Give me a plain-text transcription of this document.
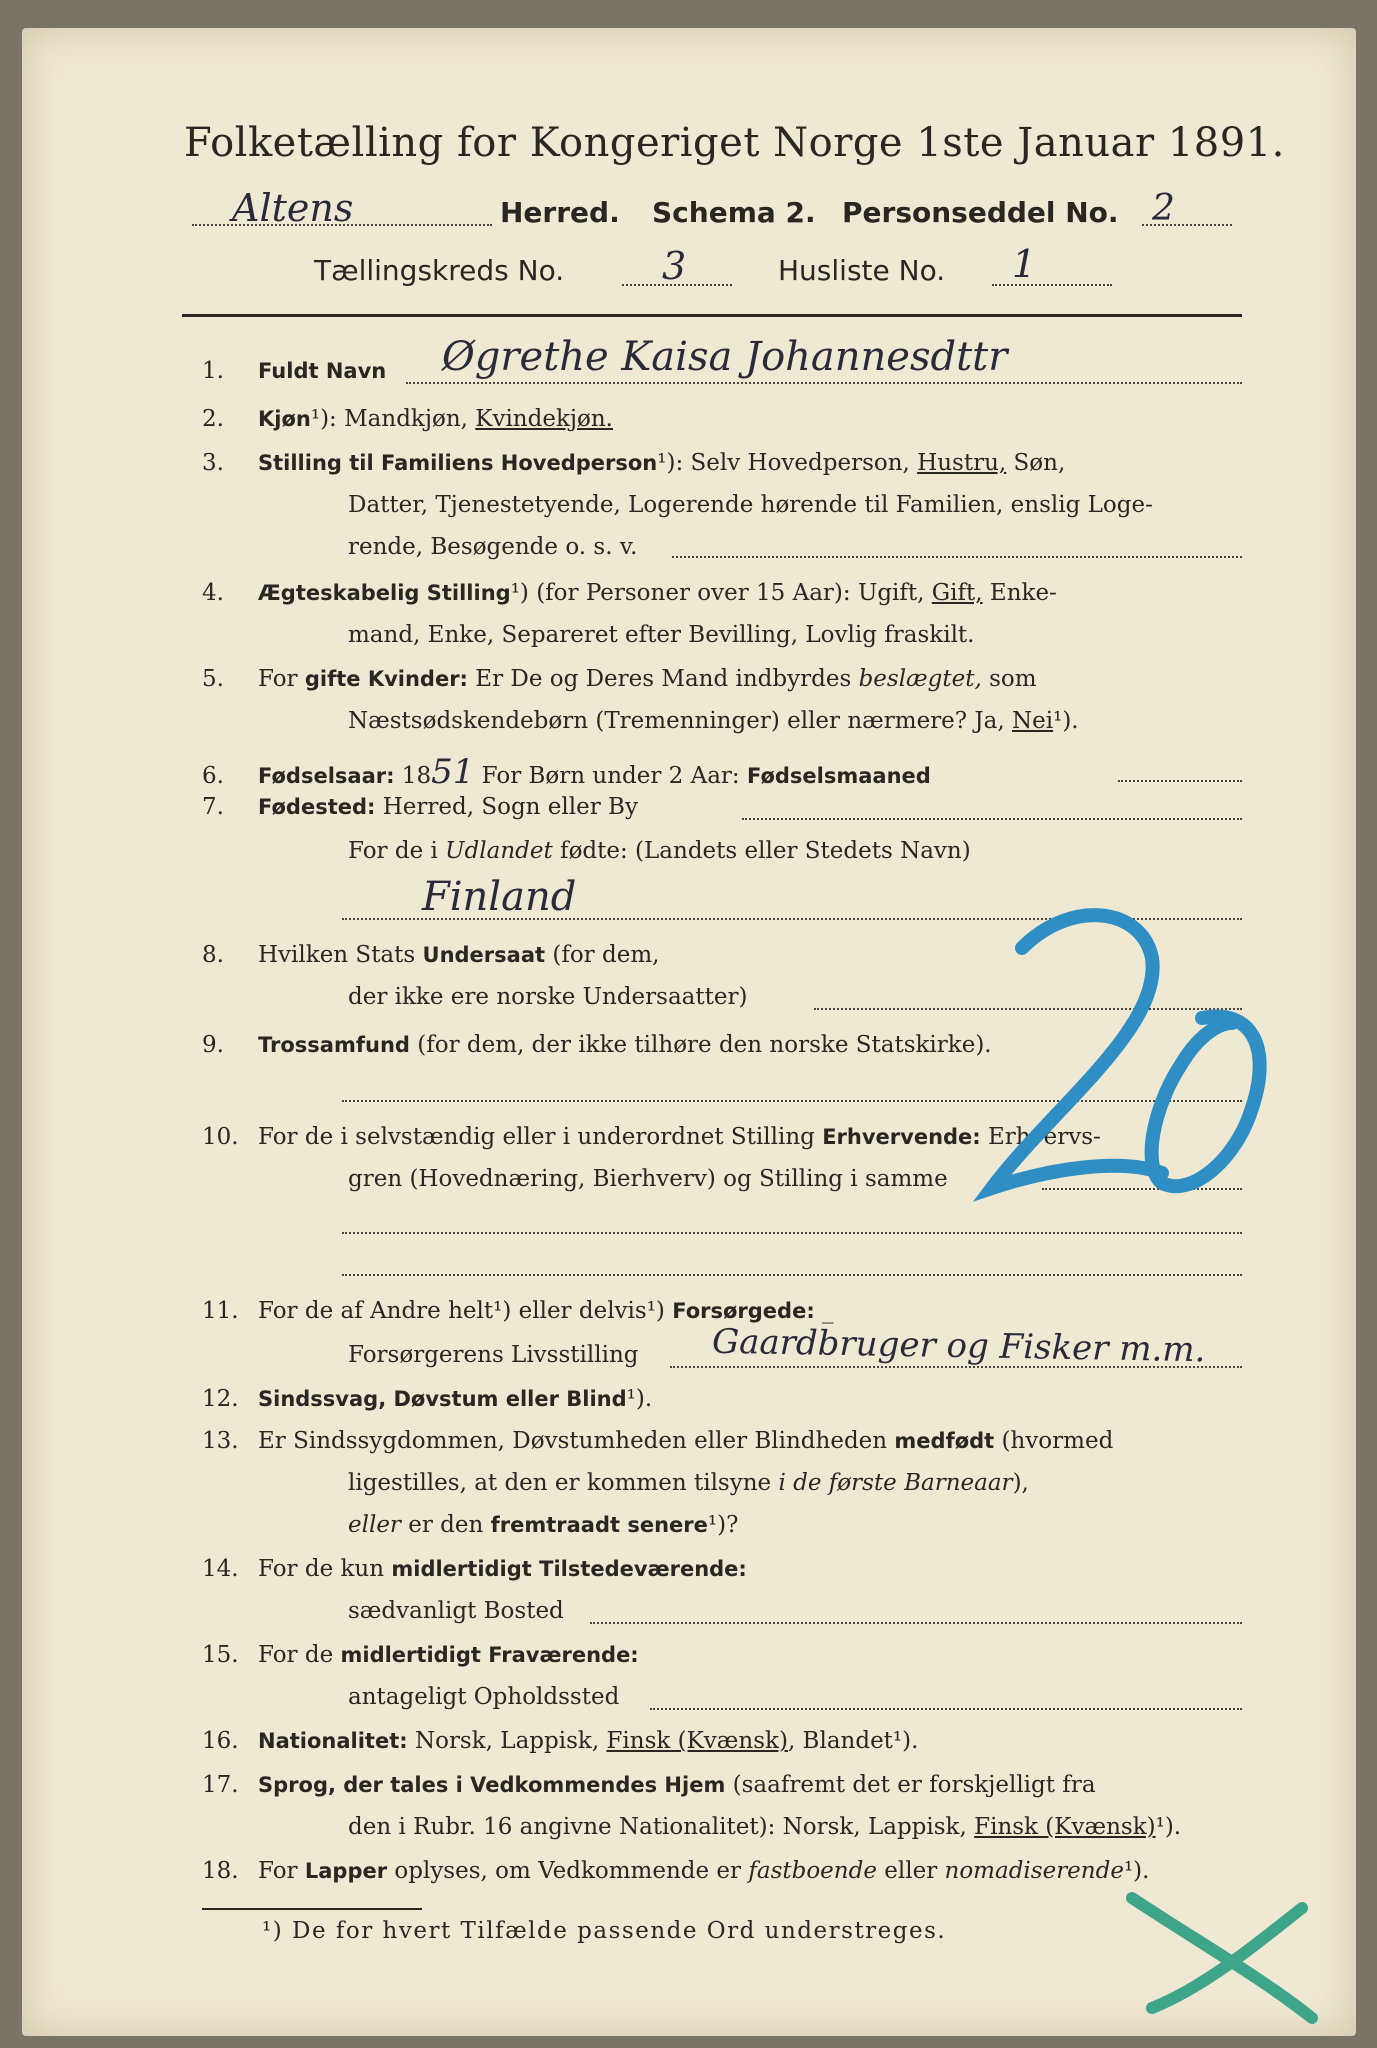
Folketælling for Kongeriget Norge 1ste Januar 1891.
Altens	Herred. Schema 2. Personseddel No. 2
Tællingskreds No.	3	Husliste No. 1
1. Fuldt Navn Øgrethe Kaisa Johannesdttr
2. Kjøn¹): Mandkjøn, Kvindekjøn.
3. Stilling til Familiens Hovedperson¹): Selv Hovedperson, Hustru, Søn,
Datter, Tjenestetyende, Logerende hørende til Familien, enslig Loge-
rende, Besøgende o. s. v.
4. Ægteskabelig Stilling¹) (for Personer over 15 Aar): Ugift, Gift, Enke-
mand, Enke, Separeret efter Bevilling, Lovlig fraskilt.
5. For gifte Kvinder: Er De og Deres Mand indbyrdes beslægtet, som
Næstsødskendebørn (Tremenninger) eller nærmere? Ja, Nei¹).
6. Fødselsaar: 1851 For Børn under 2 Aar: Fødselsmaaned
7. Fødested: Herred, Sogn eller By
For de i Udlandet fødte: (Landets eller Stedets Navn)
Finland
8. Hvilken Stats Undersaat (for dem,
der ikke ere norske Undersaatter)
9. Trossamfund (for dem, der ikke tilhøre den norske Statskirke).
10. For de i selvstændig eller i underordnet Stilling Erhvervende: Erhvervs-
gren (Hovednæring, Bierhverv) og Stilling i samme
11. For de af Andre helt¹) eller delvis¹) Forsørgede: _
Forsørgerens Livsstilling Gaardbruger og Fisker m.m.
12. Sindssvag, Døvstum eller Blind¹).
13. Er Sindssygdommen, Døvstumheden eller Blindheden medfødt (hvormed
ligestilles, at den er kommen tilsyne i de første Barneaar),
eller er den fremtraadt senere¹)?
14. For de kun midlertidigt Tilstedeværende:
sædvanligt Bosted
15. For de midlertidigt Fraværende:
antageligt Opholdssted
16. Nationalitet: Norsk, Lappisk, Finsk (Kvænsk), Blandet¹).
17. Sprog, der tales i Vedkommendes Hjem (saafremt det er forskjelligt fra
den i Rubr. 16 angivne Nationalitet): Norsk, Lappisk, Finsk (Kvænsk)¹).
18. For Lapper oplyses, om Vedkommende er fastboende eller nomadiserende¹).
¹) De for hvert Tilfælde passende Ord understreges.
